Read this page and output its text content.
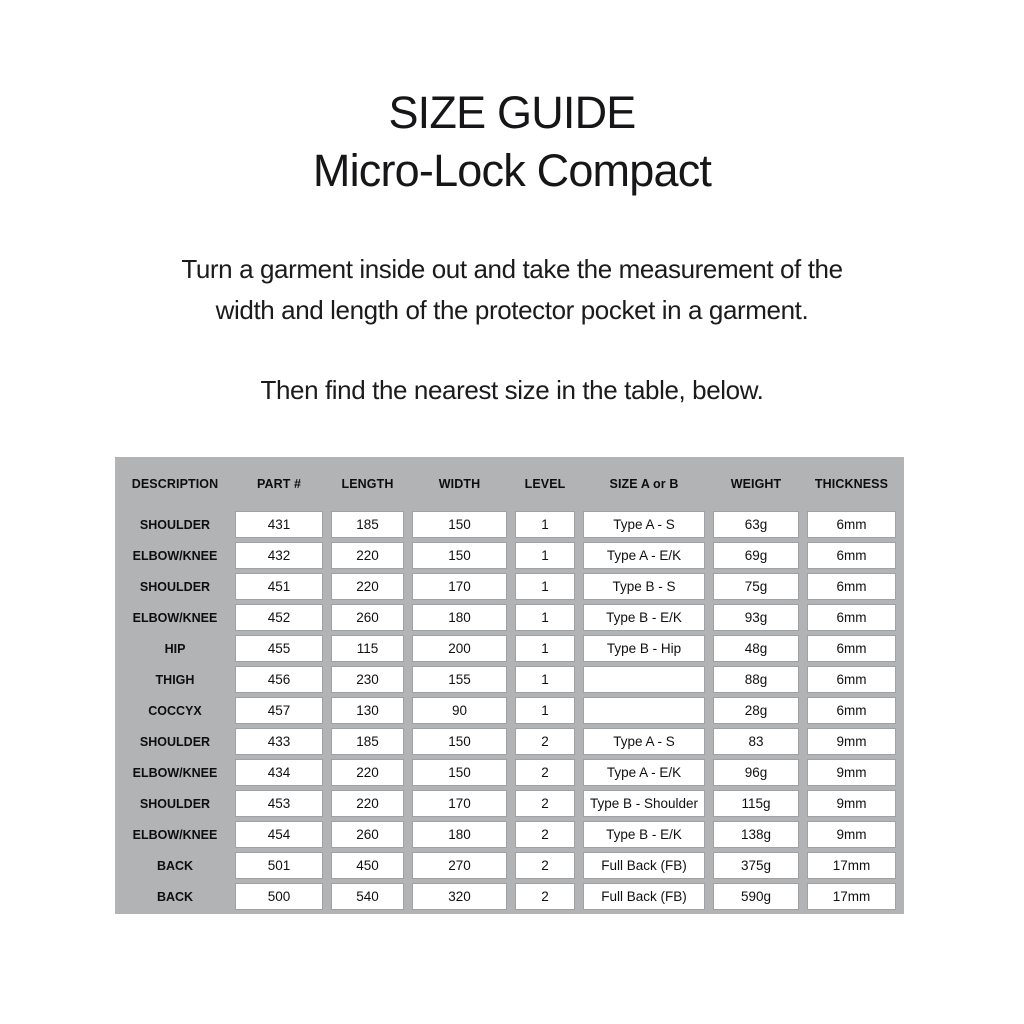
SIZE GUIDE
Micro-Lock Compact
Turn a garment inside out and take the measurement of the
width and length of the protector pocket in a garment.
Then find the nearest size in the table, below.
DESCRIPTION	PART #	LENGTH	WIDTH	LEVEL	SIZE A or B	WEIGHT	THICKNESS
SHOULDER	431	185	150	1	Type A - S	63g	6mm
ELBOW/KNEE	432	220	150	1	Type A - E/K	69g	6mm
SHOULDER	451	220	170	1	Type B - S	75g	6mm
ELBOW/KNEE	452	260	180	1	Type B - E/K	93g	6mm
HIP	455	115	200	1	Type B - Hip	48g	6mm
THIGH	456	230	155	1		88g	6mm
COCCYX	457	130	90	1		28g	6mm
SHOULDER	433	185	150	2	Type A - S	83	9mm
ELBOW/KNEE	434	220	150	2	Type A - E/K	96g	9mm
SHOULDER	453	220	170	2	Type B - Shoulder	115g	9mm
ELBOW/KNEE	454	260	180	2	Type B - E/K	138g	9mm
BACK	501	450	270	2	Full Back (FB)	375g	17mm
BACK	500	540	320	2	Full Back (FB)	590g	17mm
